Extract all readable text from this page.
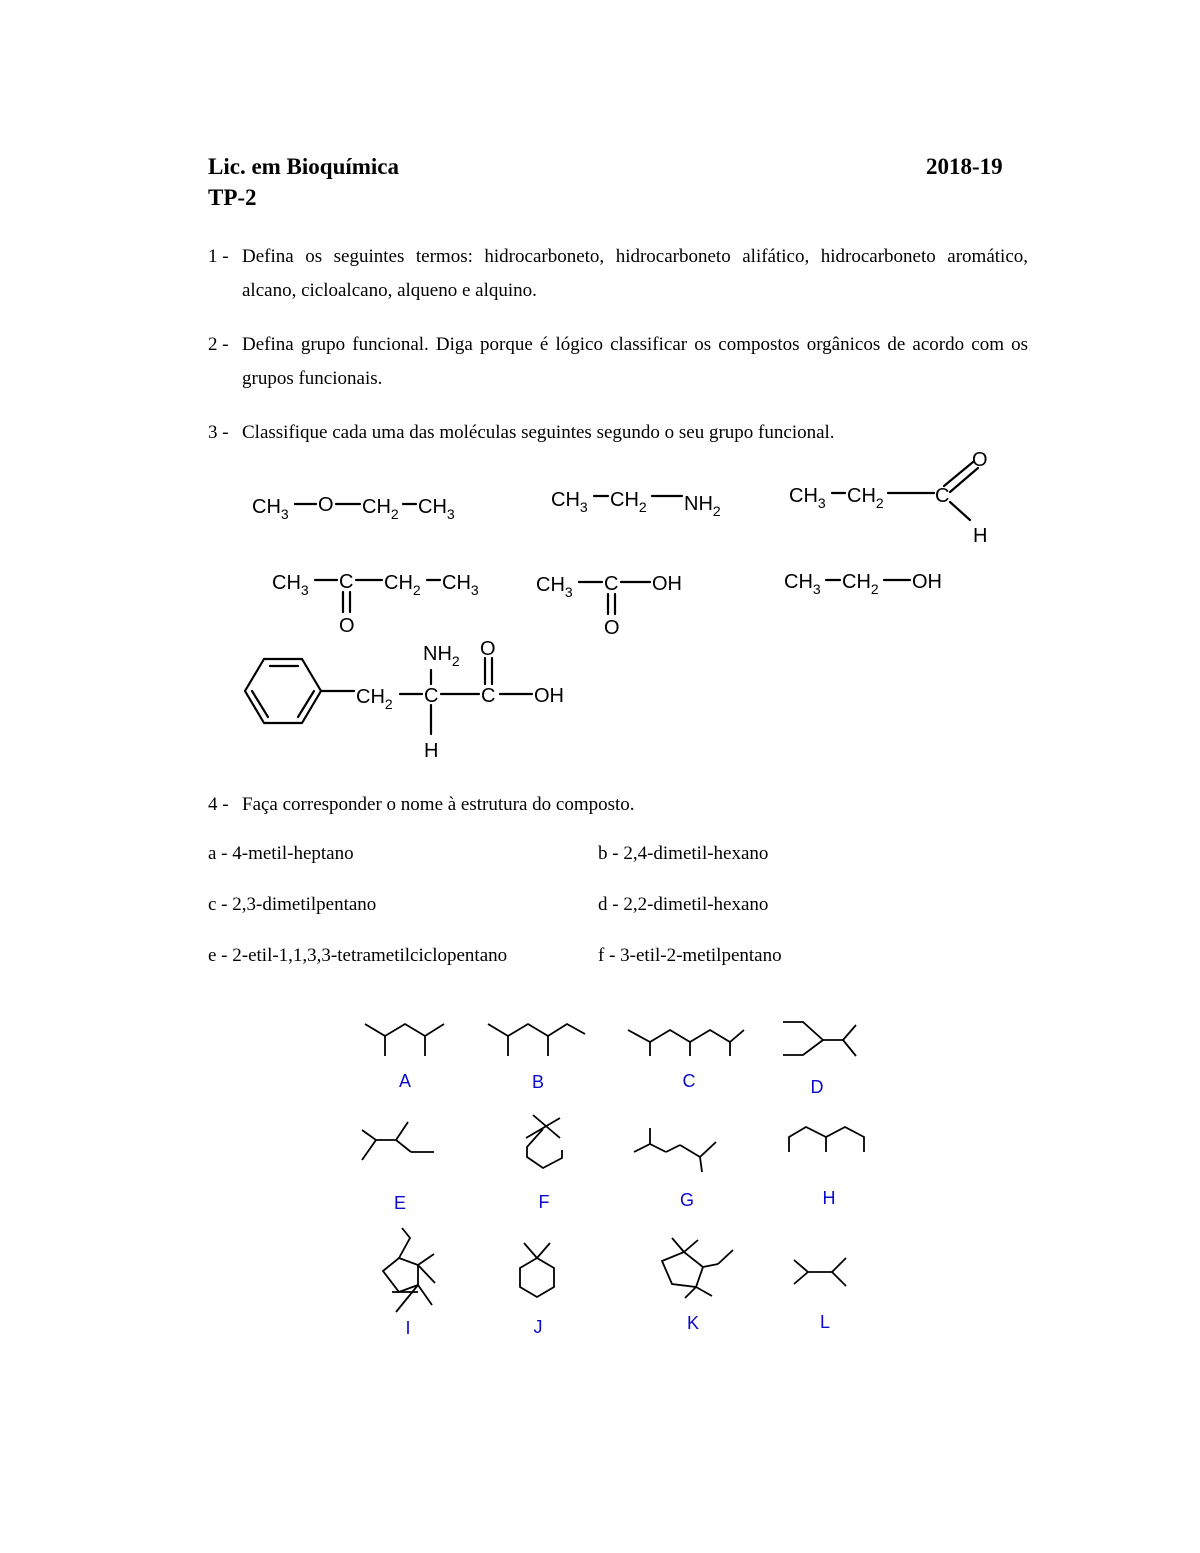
Lic. em Bioquímica	2018-19
TP-2
1 - Defina os seguintes termos: hidrocarboneto, hidrocarboneto alifático, hidrocarboneto aromático, alcano, cicloalcano, alqueno e alquino.
2 - Defina grupo funcional. Diga porque é lógico classificar os compostos orgânicos de acordo com os grupos funcionais.
3 - Classifique cada uma das moléculas seguintes segundo o seu grupo funcional.
$CH_3$ O $CH_2$ $CH_3$
$CH_3$ $CH_2$ $NH_2$
$CH_3$ $CH_2$	C
O
H
$CH_3$ C $CH_2$ $CH_3$
O
$CH_3$ C OH
O
$CH_3$ $CH_2$ OH
$CH_2$ C
$NH_2$
H
C
O
OH
4 - Faça corresponder o nome à estrutura do composto.
a - 4-metil-heptano	b - 2,4-dimetil-hexano
c - 2,3-dimetilpentano	d - 2,2-dimetil-hexano
e - 2-etil-1,1,3,3-tetrametilciclopentano	f - 3-etil-2-metilpentano
A	B	C	D
E	F	G	H
I	J	K	L
